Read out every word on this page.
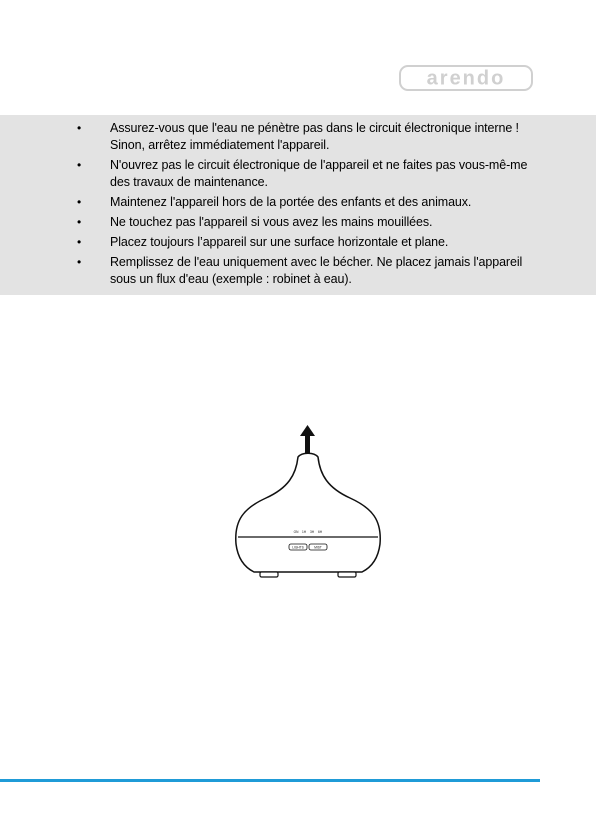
arendo
• Assurez-vous que l'eau ne pénètre pas dans le circuit électronique interne ! Sinon, arrêtez immédiatement l'appareil.
• N'ouvrez pas le circuit électronique de l'appareil et ne faites pas vous-mê-me des travaux de maintenance.
• Maintenez l'appareil hors de la portée des enfants et des animaux.
• Ne touchez pas l'appareil si vous avez les mains mouillées.
• Placez toujours l’appareil sur une surface horizontale et plane.
• Remplissez de l'eau uniquement avec le bécher. Ne placez jamais l'appareil sous un flux d'eau (exemple : robinet à eau).
ON 1H 3H 6H
LIGHTS	MIST
